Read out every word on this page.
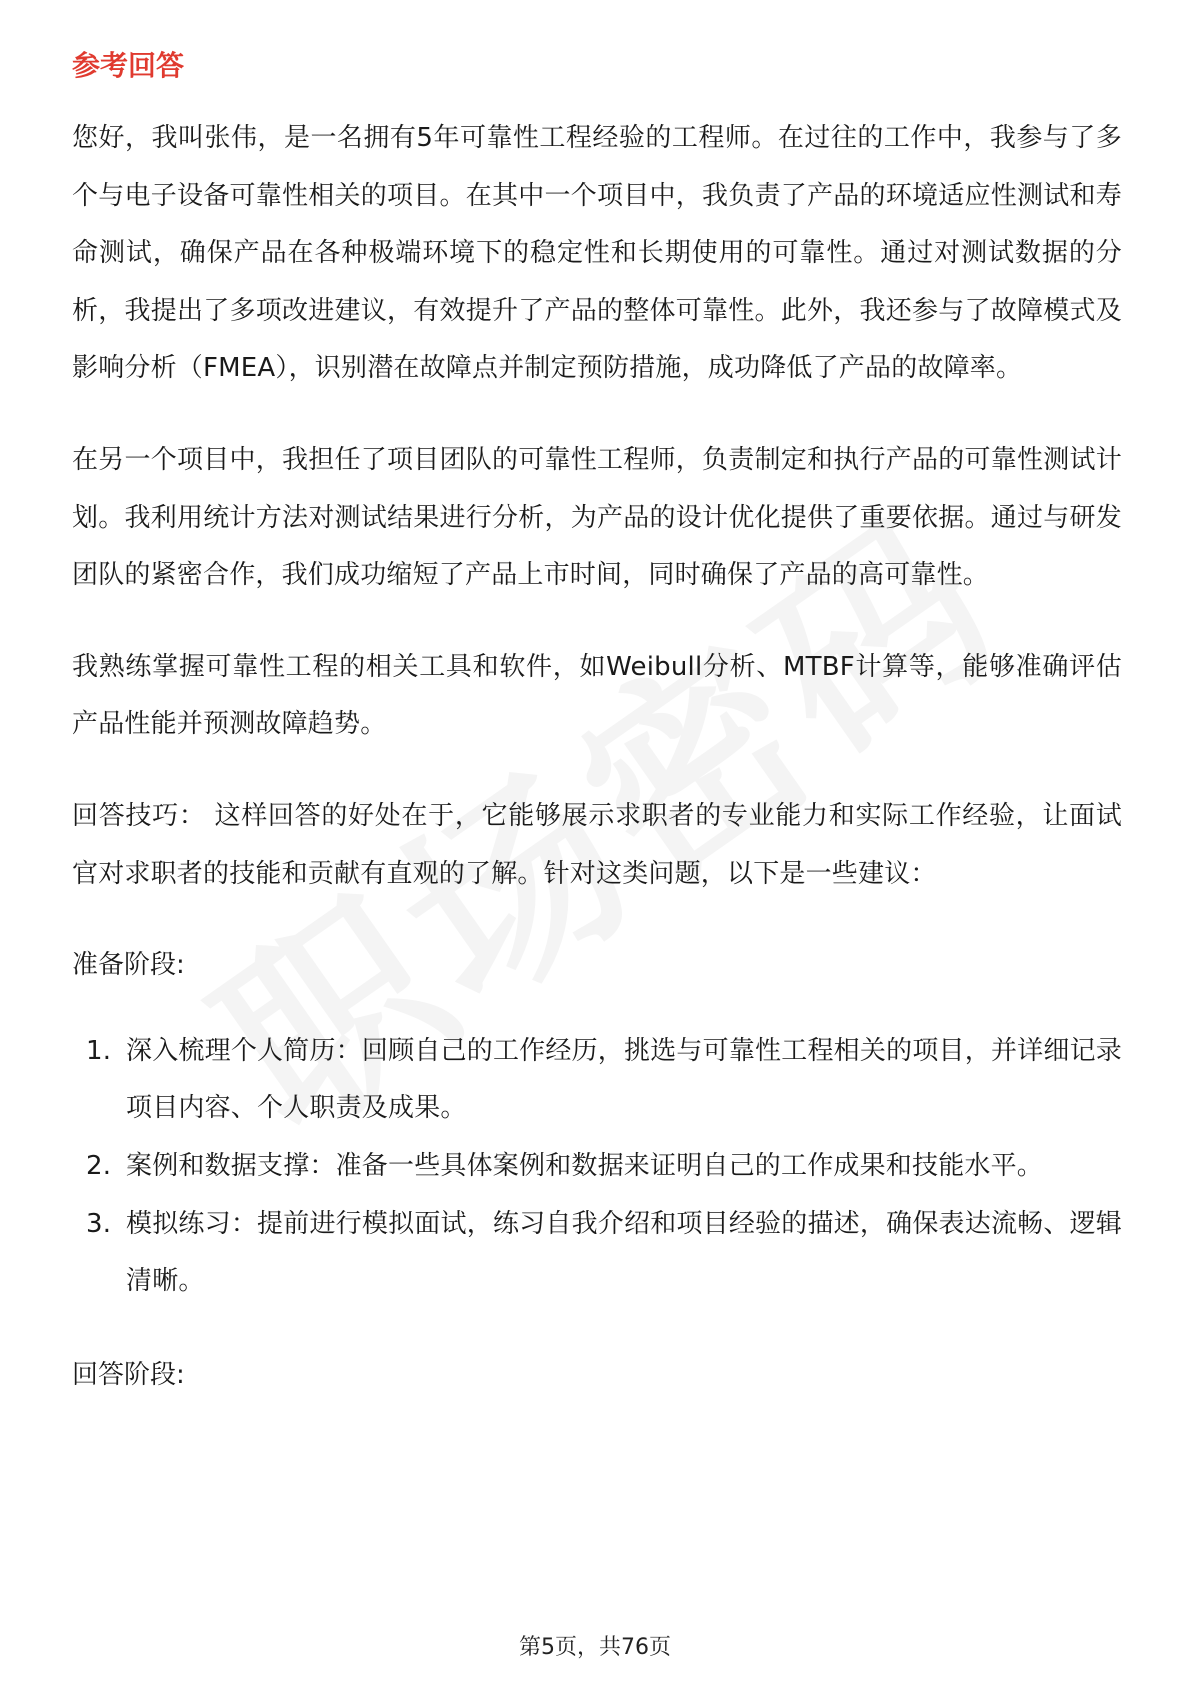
参考回答

您好，我叫张伟，是一名拥有5年可靠性工程经验的工程师。在过往的工作中，我参与了多个与电子设备可靠性相关的项目。在其中一个项目中，我负责了产品的环境适应性测试和寿命测试，确保产品在各种极端环境下的稳定性和长期使用的可靠性。通过对测试数据的分析，我提出了多项改进建议，有效提升了产品的整体可靠性。此外，我还参与了故障模式及影响分析（FMEA），识别潜在故障点并制定预防措施，成功降低了产品的故障率。

在另一个项目中，我担任了项目团队的可靠性工程师，负责制定和执行产品的可靠性测试计划。我利用统计方法对测试结果进行分析，为产品的设计优化提供了重要依据。通过与研发团队的紧密合作，我们成功缩短了产品上市时间，同时确保了产品的高可靠性。

我熟练掌握可靠性工程的相关工具和软件，如Weibull分析、MTBF计算等，能够准确评估产品性能并预测故障趋势。

回答技巧： 这样回答的好处在于，它能够展示求职者的专业能力和实际工作经验，让面试官对求职者的技能和贡献有直观的了解。针对这类问题，以下是一些建议：

准备阶段:
1. 深入梳理个人简历：回顾自己的工作经历，挑选与可靠性工程相关的项目，并详细记录项目内容、个人职责及成果。
2. 案例和数据支撑：准备一些具体案例和数据来证明自己的工作成果和技能水平。
3. 模拟练习：提前进行模拟面试，练习自我介绍和项目经验的描述，确保表达流畅、逻辑清晰。
回答阶段:
第5页，共76页
